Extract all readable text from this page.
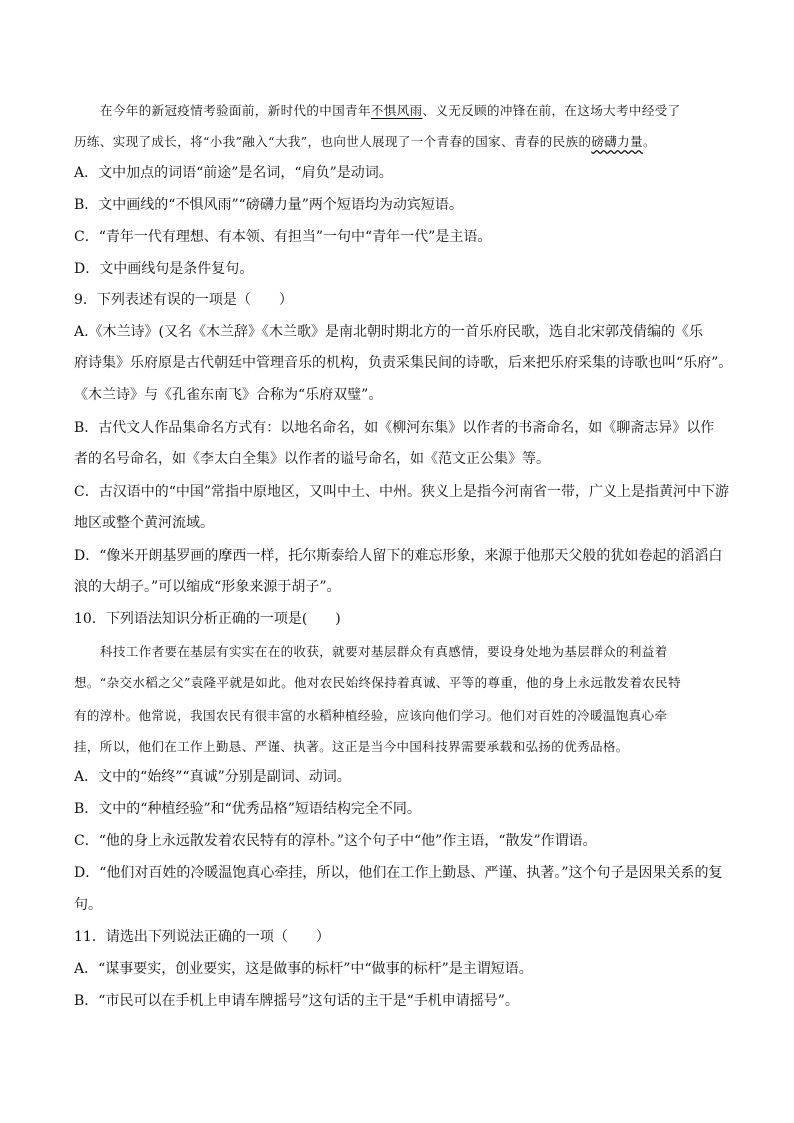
在今年的新冠疫情考验面前，新时代的中国青年不惧风雨、义无反顾的冲锋在前，在这场大考中经受了
历练、实现了成长，将“小我”融入“大我”，也向世人展现了一个青春的国家、青春的民族的磅礴力量。
A．文中加点的词语“前途”是名词，“肩负”是动词。
B．文中画线的“不惧风雨”“磅礴力量”两个短语均为动宾短语。
C．“青年一代有理想、有本领、有担当”一句中“青年一代”是主语。
D．文中画线句是条件复句。
9．下列表述有误的一项是（　　）
A.《木兰诗》(又名《木兰辞》《木兰歌》是南北朝时期北方的一首乐府民歌，选自北宋郭茂倩编的《乐
府诗集》乐府原是古代朝廷中管理音乐的机构，负责采集民间的诗歌，后来把乐府采集的诗歌也叫“乐府”。
《木兰诗》与《孔雀东南飞》合称为“乐府双璧”。
B．古代文人作品集命名方式有：以地名命名，如《柳河东集》以作者的书斋命名，如《聊斋志异》以作
者的名号命名，如《李太白全集》以作者的谥号命名，如《范文正公集》等。
C．古汉语中的“中国”常指中原地区，又叫中土、中州。狭义上是指今河南省一带，广义上是指黄河中下游
地区或整个黄河流域。
D．“像米开朗基罗画的摩西一样，托尔斯泰给人留下的难忘形象，来源于他那天父般的犹如卷起的滔滔白
浪的大胡子。”可以缩成“形象来源于胡子”。
10．下列语法知识分析正确的一项是(　　)
科技工作者要在基层有实实在在的收获，就要对基层群众有真感情，要设身处地为基层群众的利益着
想。“杂交水稻之父”袁隆平就是如此。他对农民始终保持着真诚、平等的尊重，他的身上永远散发着农民特
有的淳朴。他常说，我国农民有很丰富的水稻种植经验，应该向他们学习。他们对百姓的冷暖温饱真心牵
挂，所以，他们在工作上勤恳、严谨、执著。这正是当今中国科技界需要承载和弘扬的优秀品格。
A．文中的“始终”“真诚”分别是副词、动词。
B．文中的“种植经验”和“优秀品格”短语结构完全不同。
C．“他的身上永远散发着农民特有的淳朴。”这个句子中“他”作主语，“散发”作谓语。
D．“他们对百姓的冷暖温饱真心牵挂，所以，他们在工作上勤恳、严谨、执著。”这个句子是因果关系的复
句。
11．请选出下列说法正确的一项（　　）
A．“谋事要实，创业要实，这是做事的标杆”中“做事的标杆”是主谓短语。
B．“市民可以在手机上申请车牌摇号”这句话的主干是“手机申请摇号”。
